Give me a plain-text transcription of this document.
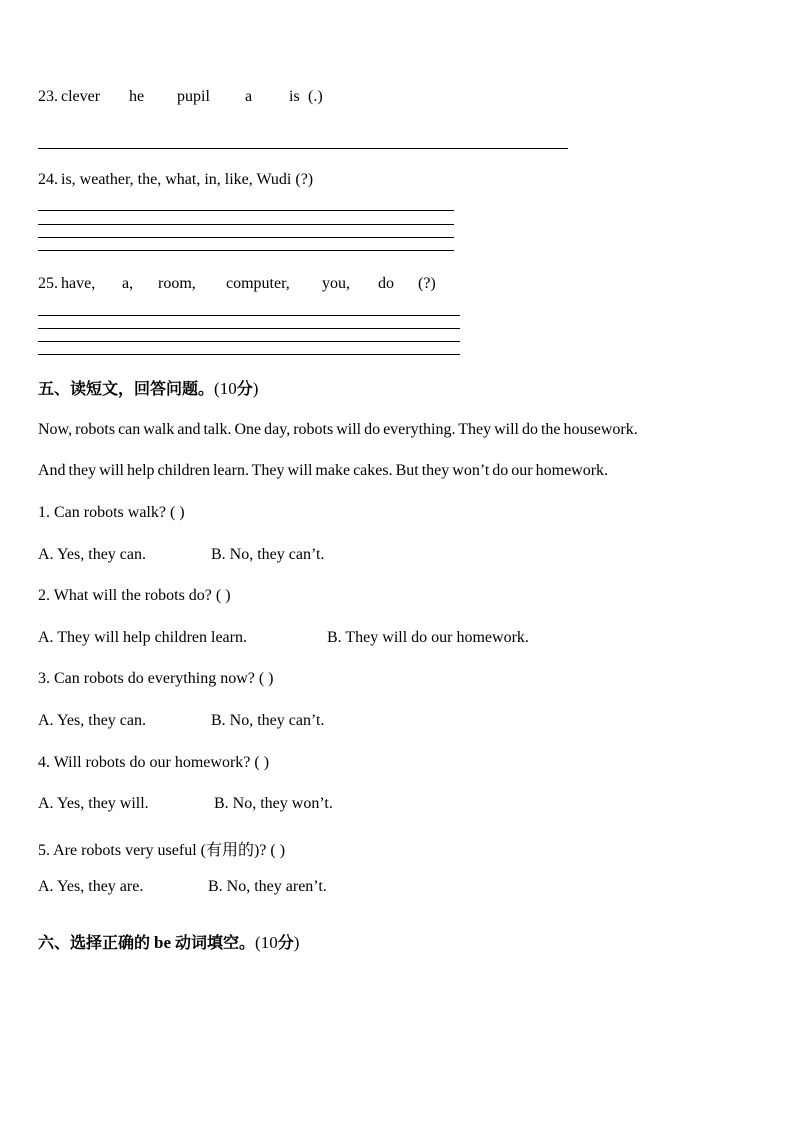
23. clever he pupil a is (.)
24. is, weather, the, what, in, like, Wudi (?)
25. have, a, room, computer, you, do (?)
五、读短文，回答问题。(10分)
Now, robots can walk and talk. One day, robots will do everything. They will do the housework.
And they will help children learn. They will make cakes. But they won’t do our homework.
1. Can robots walk? ( )
A. Yes, they can.	B. No, they can’t.
2. What will the robots do? ( )
A. They will help children learn.	B. They will do our homework.
3. Can robots do everything now? ( )
A. Yes, they can.	B. No, they can’t.
4. Will robots do our homework? ( )
A. Yes, they will.	B. No, they won’t.
5. Are robots very useful (有用的)? ( )
A. Yes, they are.	B. No, they aren’t.
六、选择正确的 be 动词填空。(10分)
